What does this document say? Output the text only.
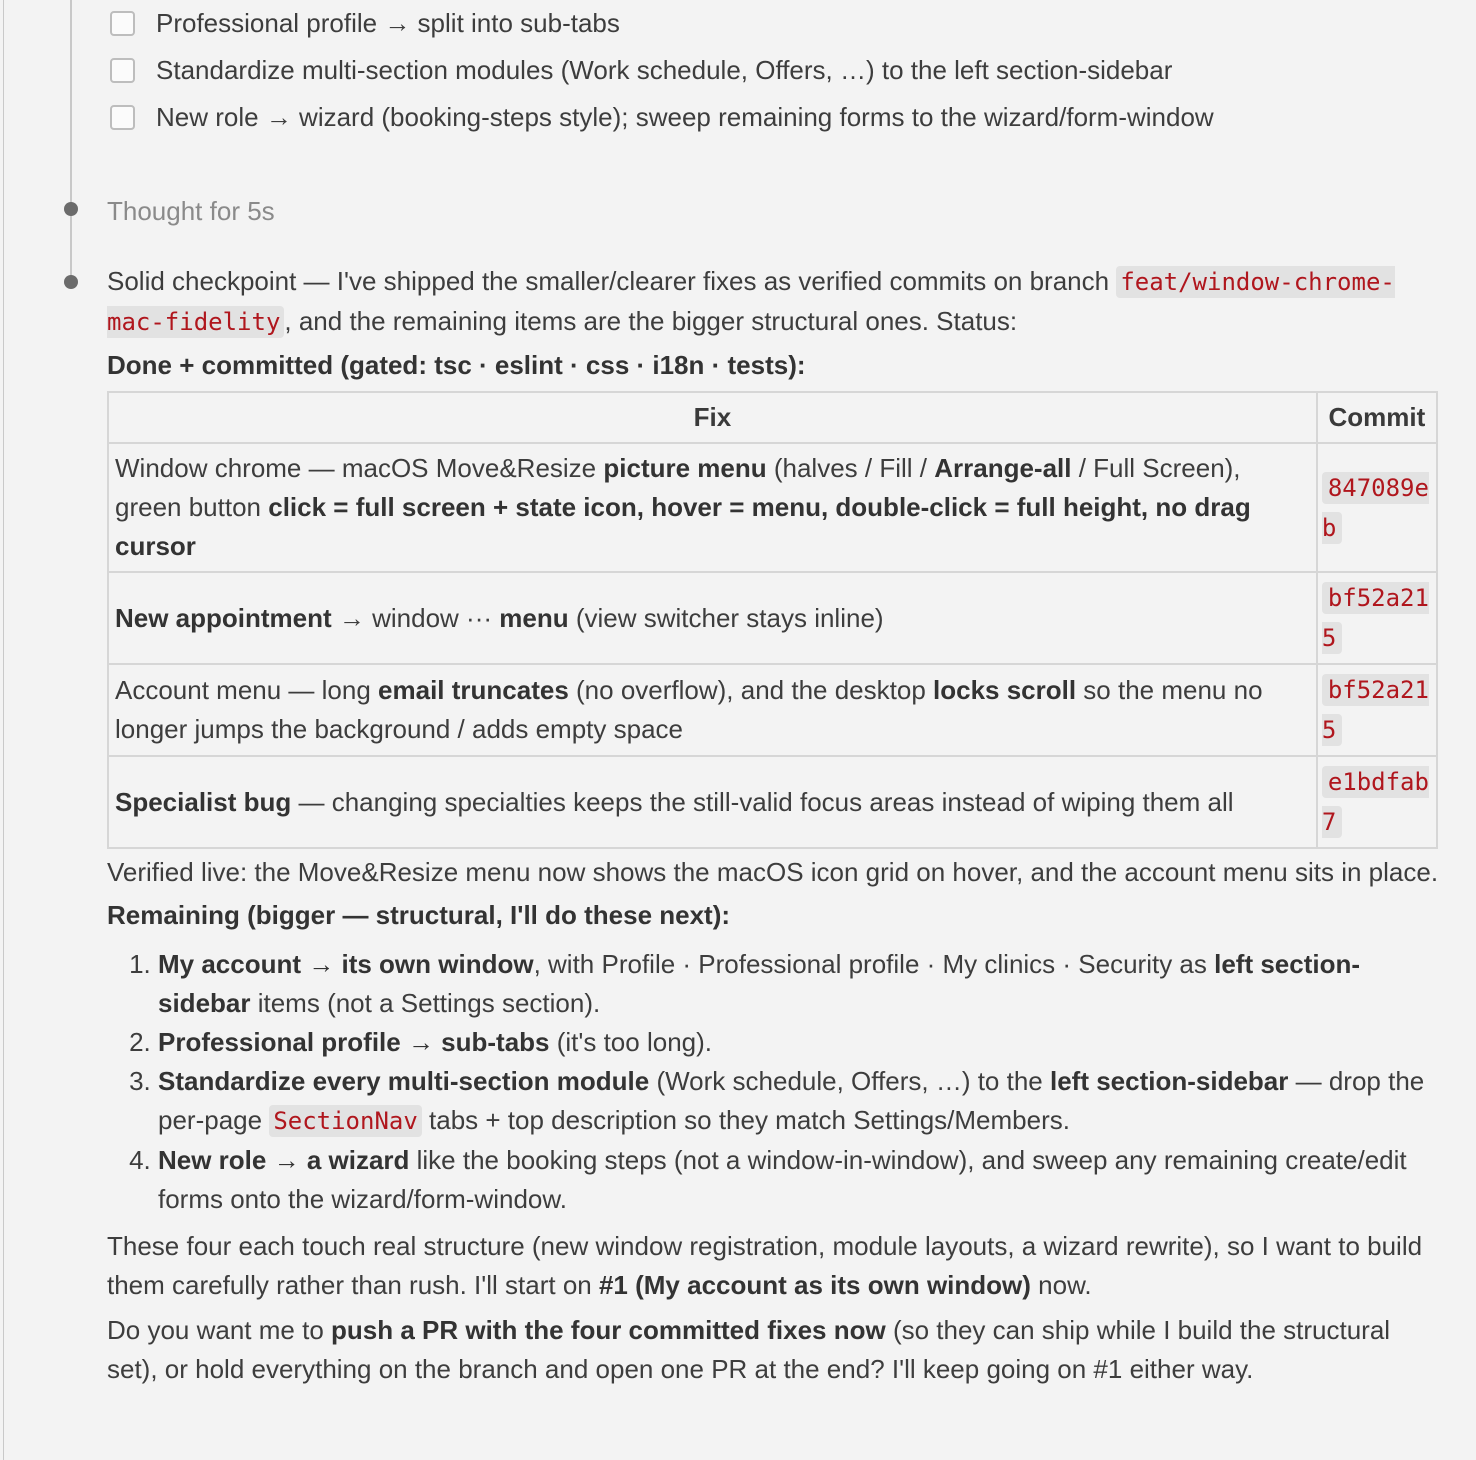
Professional profile → split into sub-tabs
Standardize multi-section modules (Work schedule, Offers, …) to the left section-sidebar
New role → wizard (booking-steps style); sweep remaining forms to the wizard/form-window
Thought for 5s

Solid checkpoint — I've shipped the smaller/clearer fixes as verified commits on branch feat/window-chrome-mac-fidelity , and the remaining items are the bigger structural ones. Status:

Done + committed (gated: tsc · eslint · css · i18n · tests):

Fix	Commit
Window chrome — macOS Move&Resize picture menu (halves / Fill / Arrange-all / Full Screen), green button click = full screen + state icon, hover = menu, double-click = full height, no drag cursor	847089eb
New appointment → window ··· menu (view switcher stays inline)	bf52a215
Account menu — long email truncates (no overflow), and the desktop locks scroll so the menu no longer jumps the background / adds empty space	bf52a215
Specialist bug — changing specialties keeps the still-valid focus areas instead of wiping them all	e1bdfab7

Verified live: the Move&Resize menu now shows the macOS icon grid on hover, and the account menu sits in place.

Remaining (bigger — structural, I'll do these next):

1. My account → its own window, with Profile · Professional profile · My clinics · Security as left section-sidebar items (not a Settings section).
2. Professional profile → sub-tabs (it's too long).
3. Standardize every multi-section module (Work schedule, Offers, …) to the left section-sidebar — drop the per-page SectionNav tabs + top description so they match Settings/Members.
4. New role → a wizard like the booking steps (not a window-in-window), and sweep any remaining create/edit forms onto the wizard/form-window.

These four each touch real structure (new window registration, module layouts, a wizard rewrite), so I want to build them carefully rather than rush. I'll start on #1 (My account as its own window) now.

Do you want me to push a PR with the four committed fixes now (so they can ship while I build the structural set), or hold everything on the branch and open one PR at the end? I'll keep going on #1 either way.
